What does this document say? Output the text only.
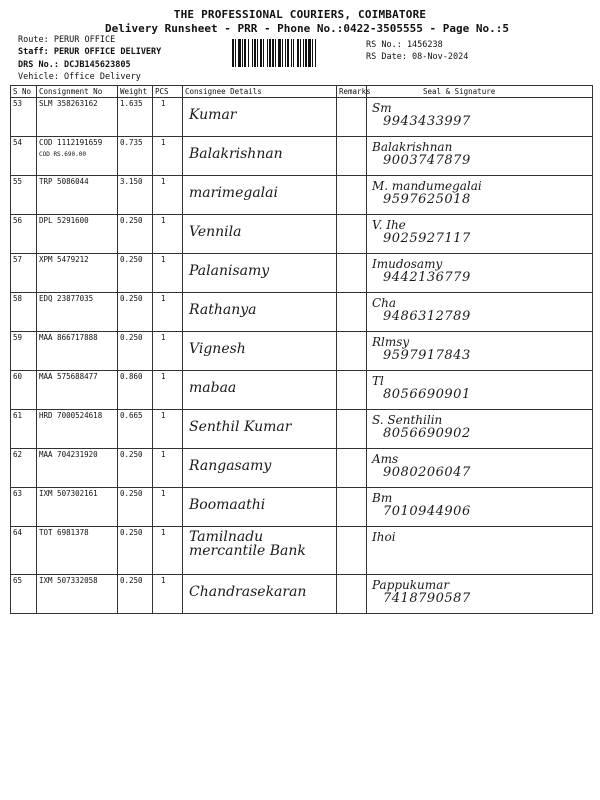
THE PROFESSIONAL COURIERS, COIMBATORE
Delivery Runsheet - PRR - Phone No.:0422-3505555 - Page No.:5
Route: PERUR OFFICE
Staff: PERUR OFFICE DELIVERY
DRS No.: DCJB145623805
Vehicle: Office Delivery
RS No.: 1456238
RS Date: 08-Nov-2024
S No	Consignment No	Weight	PCS	Consignee Details	Remarks	Seal & Signature
53	SLM 358263162	1.635	1	Kumar		Sm
9943433997

54	COD 1112191659
COD RS.690.00	0.735	1	Balakrishnan		Balakrishnan
9003747879

55	TRP 5086044	3.150	1	marimegalai		M. mandumegalai
9597625018

56	DPL 5291600	0.250	1	Vennila		V. Ihe
9025927117

57	XPM 5479212	0.250	1	Palanisamy		Imudosamy
9442136779

58	EDQ 23877035	0.250	1	Rathanya		Cha
9486312789

59	MAA 866717888	0.250	1	Vignesh		Rlmsy
9597917843

60	MAA 575688477	0.860	1	mabaa		Tl
8056690901

61	HRD 7000524618	0.665	1	Senthil Kumar		S. Senthilin
8056690902

62	MAA 704231920	0.250	1	Rangasamy		Ams
9080206047

63	IXM 507302161	0.250	1	Boomaathi		Bm
7010944906

64	TOT 6981378	0.250	1	Tamilnadu mercantile Bank		Ihoi

65	IXM 507332058	0.250	1	Chandrasekaran		Pappukumar
7418790587
